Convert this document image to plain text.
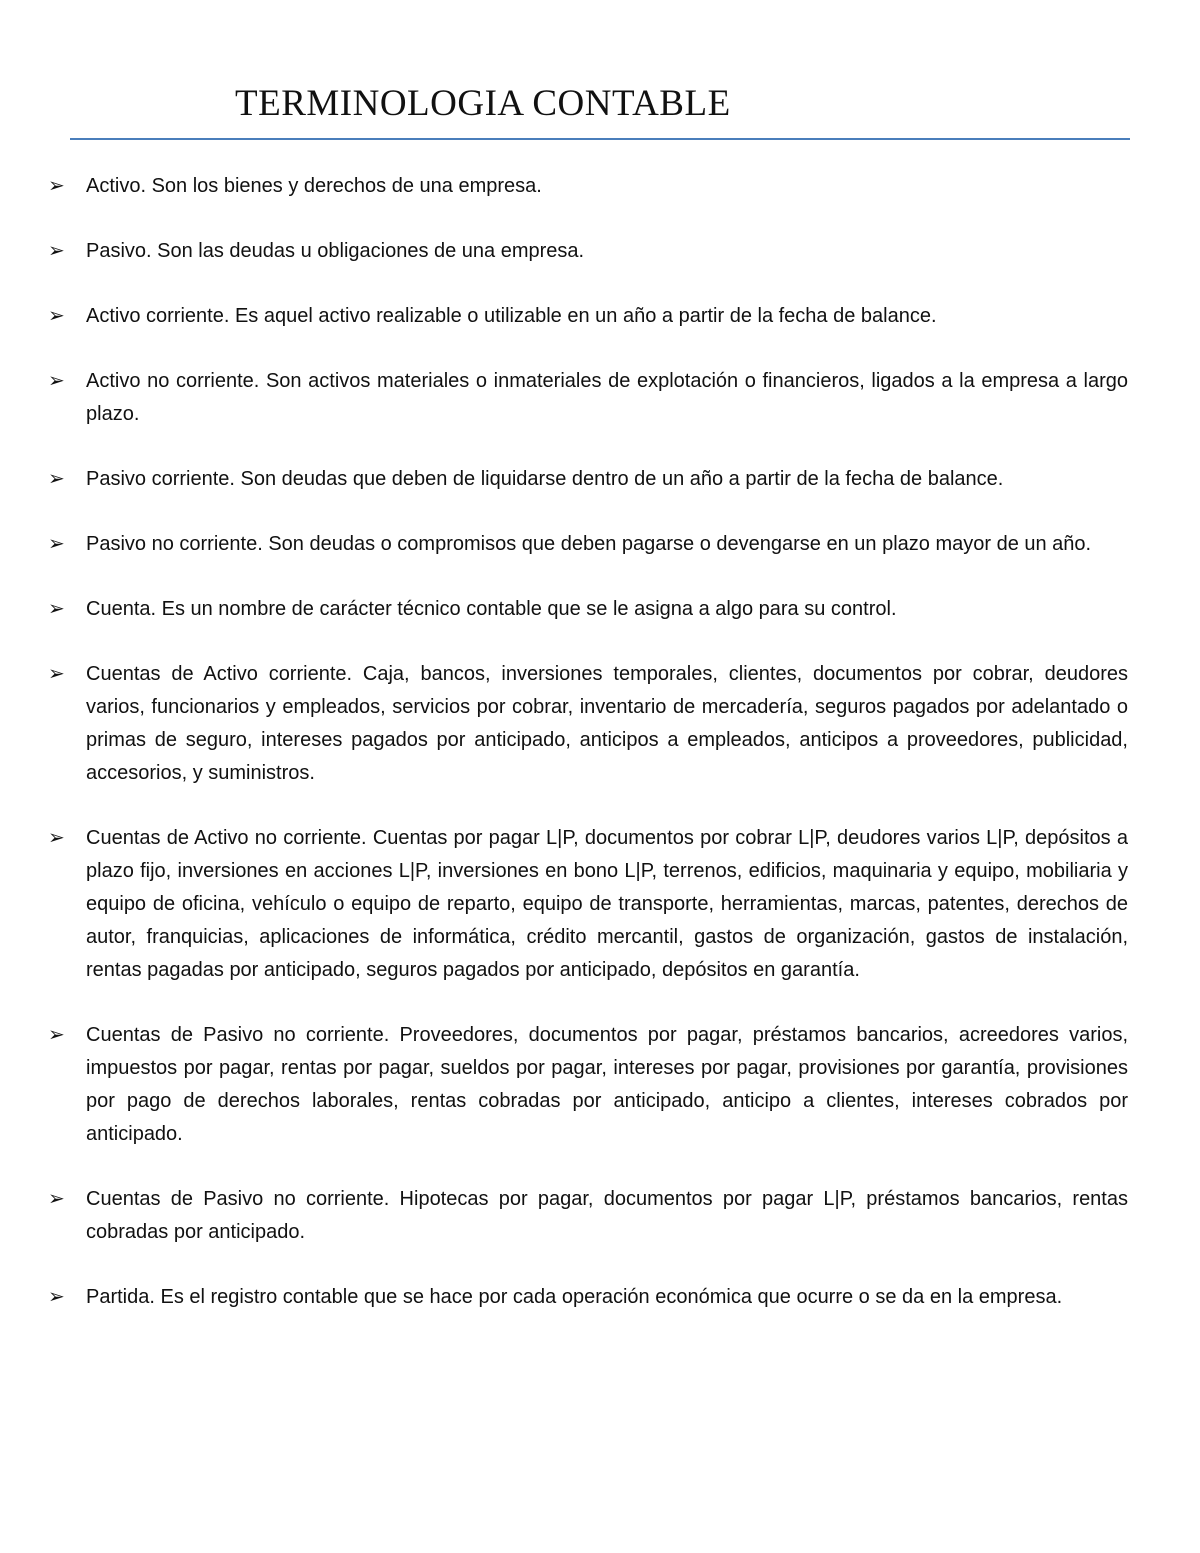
TERMINOLOGIA CONTABLE
➢ Activo. Son los bienes y derechos de una empresa.
➢ Pasivo. Son las deudas u obligaciones de una empresa.
➢ Activo corriente. Es aquel activo realizable o utilizable en un año a partir de la fecha de balance.
➢ Activo no corriente. Son activos materiales o inmateriales de explotación o financieros, ligados a la empresa a largo plazo.
➢ Pasivo corriente. Son deudas que deben de liquidarse dentro de un año a partir de la fecha de balance.
➢ Pasivo no corriente. Son deudas o compromisos que deben pagarse o devengarse en un plazo mayor de un año.
➢ Cuenta. Es un nombre de carácter técnico contable que se le asigna a algo para su control.
➢ Cuentas de Activo corriente. Caja, bancos, inversiones temporales, clientes, documentos por cobrar, deudores varios, funcionarios y empleados, servicios por cobrar, inventario de mercadería, seguros pagados por adelantado o primas de seguro, intereses pagados por anticipado, anticipos a empleados, anticipos a proveedores, publicidad, accesorios, y suministros.
➢ Cuentas de Activo no corriente. Cuentas por pagar L|P, documentos por cobrar L|P, deudores varios L|P, depósitos a plazo fijo, inversiones en acciones L|P, inversiones en bono L|P, terrenos, edificios, maquinaria y equipo, mobiliaria y equipo de oficina, vehículo o equipo de reparto, equipo de transporte, herramientas, marcas, patentes, derechos de autor, franquicias, aplicaciones de informática, crédito mercantil, gastos de organización, gastos de instalación, rentas pagadas por anticipado, seguros pagados por anticipado, depósitos en garantía.
➢ Cuentas de Pasivo no corriente. Proveedores, documentos por pagar, préstamos bancarios, acreedores varios, impuestos por pagar, rentas por pagar, sueldos por pagar, intereses por pagar, provisiones por garantía, provisiones por pago de derechos laborales, rentas cobradas por anticipado, anticipo a clientes, intereses cobrados por anticipado.
➢ Cuentas de Pasivo no corriente. Hipotecas por pagar, documentos por pagar L|P, préstamos bancarios, rentas cobradas por anticipado.
➢ Partida. Es el registro contable que se hace por cada operación económica que ocurre o se da en la empresa.
